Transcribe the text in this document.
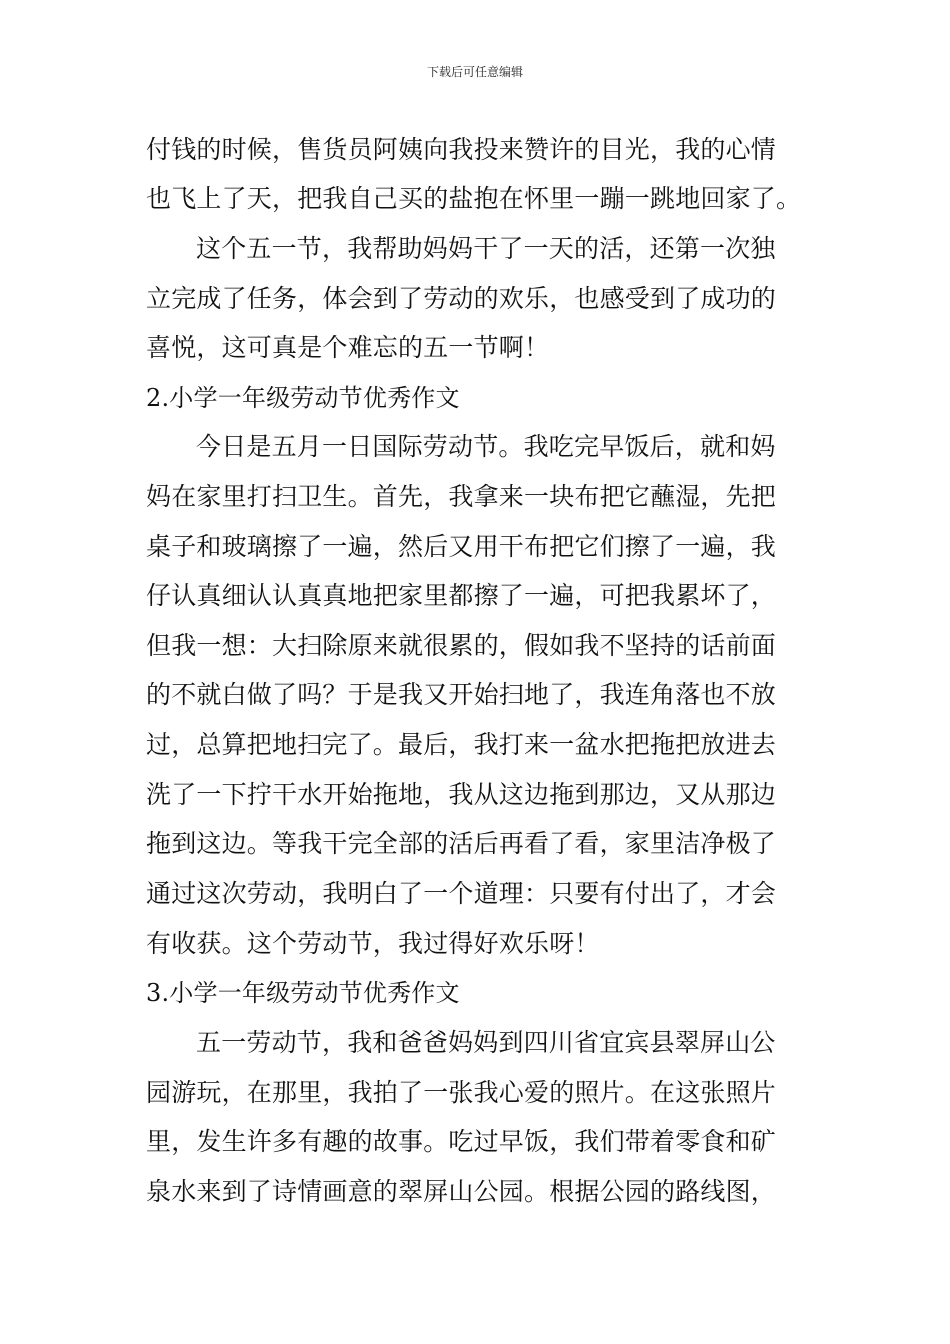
下载后可任意编辑
付钱的时候，售货员阿姨向我投来赞许的目光，我的心情
也飞上了天，把我自己买的盐抱在怀里一蹦一跳地回家了。
这个五一节，我帮助妈妈干了一天的活，还第一次独
立完成了任务，体会到了劳动的欢乐，也感受到了成功的
喜悦，这可真是个难忘的五一节啊！
2.小学一年级劳动节优秀作文
今日是五月一日国际劳动节。我吃完早饭后，就和妈
妈在家里打扫卫生。首先，我拿来一块布把它蘸湿，先把
桌子和玻璃擦了一遍，然后又用干布把它们擦了一遍，我
仔认真细认认真真地把家里都擦了一遍，可把我累坏了，
但我一想：大扫除原来就很累的，假如我不坚持的话前面
的不就白做了吗？于是我又开始扫地了，我连角落也不放
过，总算把地扫完了。最后，我打来一盆水把拖把放进去
洗了一下拧干水开始拖地，我从这边拖到那边，又从那边
拖到这边。等我干完全部的活后再看了看，家里洁净极了
通过这次劳动，我明白了一个道理：只要有付出了，才会
有收获。这个劳动节，我过得好欢乐呀！
3.小学一年级劳动节优秀作文
五一劳动节，我和爸爸妈妈到四川省宜宾县翠屏山公
园游玩，在那里，我拍了一张我心爱的照片。在这张照片
里，发生许多有趣的故事。吃过早饭，我们带着零食和矿
泉水来到了诗情画意的翠屏山公园。根据公园的路线图，
